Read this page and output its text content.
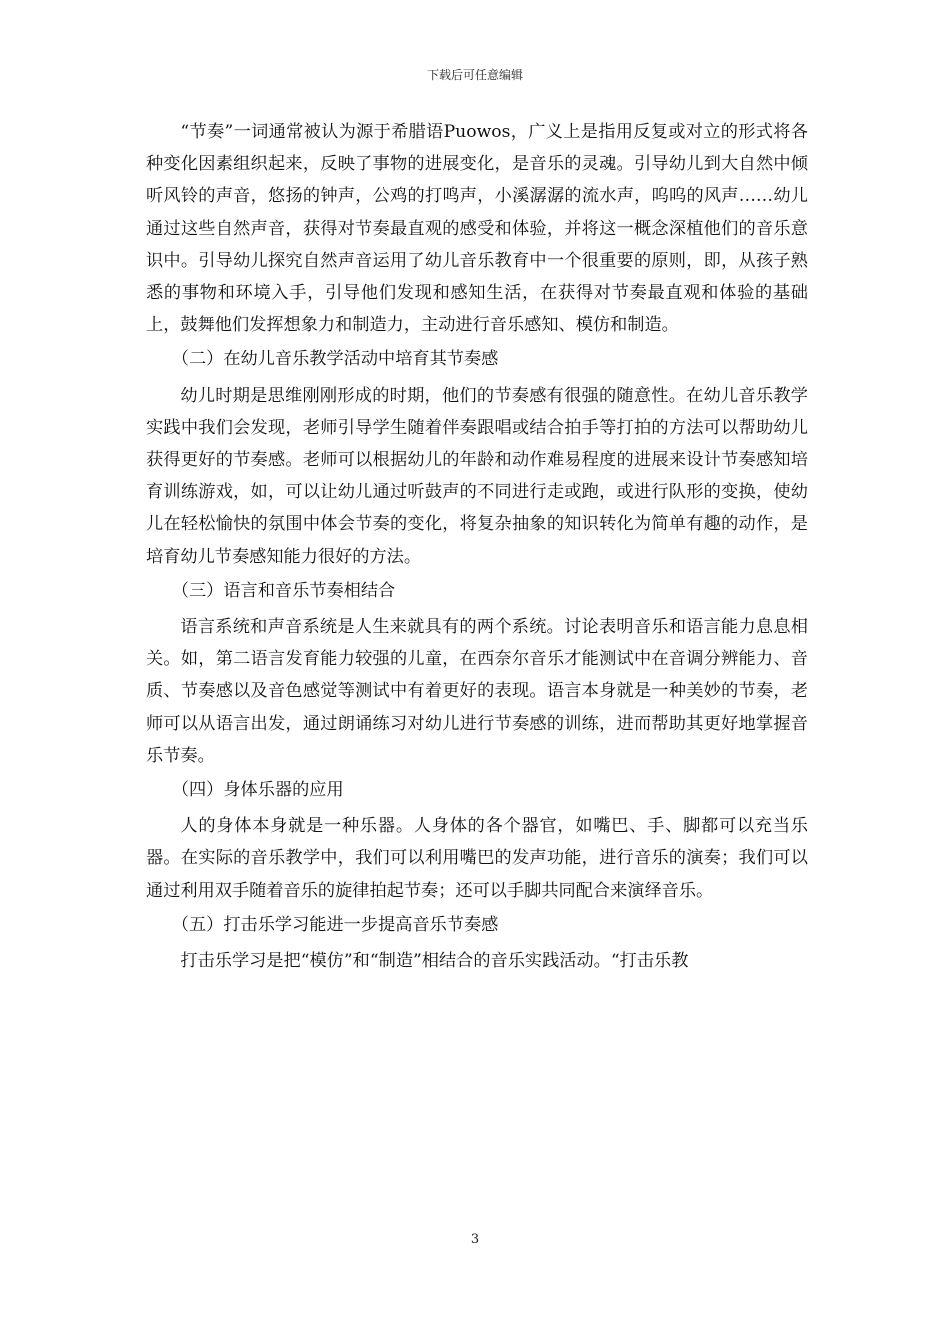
下载后可任意编辑

“节奏”一词通常被认为源于希腊语Puowos，广义上是指用反复或对立的形式将各种变化因素组织起来，反映了事物的进展变化，是音乐的灵魂。引导幼儿到大自然中倾听风铃的声音，悠扬的钟声，公鸡的打鸣声，小溪潺潺的流水声，呜呜的风声……幼儿通过这些自然声音，获得对节奏最直观的感受和体验，并将这一概念深植他们的音乐意识中。引导幼儿探究自然声音运用了幼儿音乐教育中一个很重要的原则，即，从孩子熟悉的事物和环境入手，引导他们发现和感知生活，在获得对节奏最直观和体验的基础上，鼓舞他们发挥想象力和制造力，主动进行音乐感知、模仿和制造。

（二）在幼儿音乐教学活动中培育其节奏感

幼儿时期是思维刚刚形成的时期，他们的节奏感有很强的随意性。在幼儿音乐教学实践中我们会发现，老师引导学生随着伴奏跟唱或结合拍手等打拍的方法可以帮助幼儿获得更好的节奏感。老师可以根据幼儿的年龄和动作难易程度的进展来设计节奏感知培育训练游戏，如，可以让幼儿通过听鼓声的不同进行走或跑，或进行队形的变换，使幼儿在轻松愉快的氛围中体会节奏的变化，将复杂抽象的知识转化为简单有趣的动作，是培育幼儿节奏感知能力很好的方法。

（三）语言和音乐节奏相结合

语言系统和声音系统是人生来就具有的两个系统。讨论表明音乐和语言能力息息相关。如，第二语言发育能力较强的儿童，在西奈尔音乐才能测试中在音调分辨能力、音质、节奏感以及音色感觉等测试中有着更好的表现。语言本身就是一种美妙的节奏，老师可以从语言出发，通过朗诵练习对幼儿进行节奏感的训练，进而帮助其更好地掌握音乐节奏。

（四）身体乐器的应用

人的身体本身就是一种乐器。人身体的各个器官，如嘴巴、手、脚都可以充当乐器。在实际的音乐教学中，我们可以利用嘴巴的发声功能，进行音乐的演奏；我们可以通过利用双手随着音乐的旋律拍起节奏；还可以手脚共同配合来演绎音乐。

（五）打击乐学习能进一步提高音乐节奏感

打击乐学习是把“模仿”和“制造”相结合的音乐实践活动。“打击乐教

3
